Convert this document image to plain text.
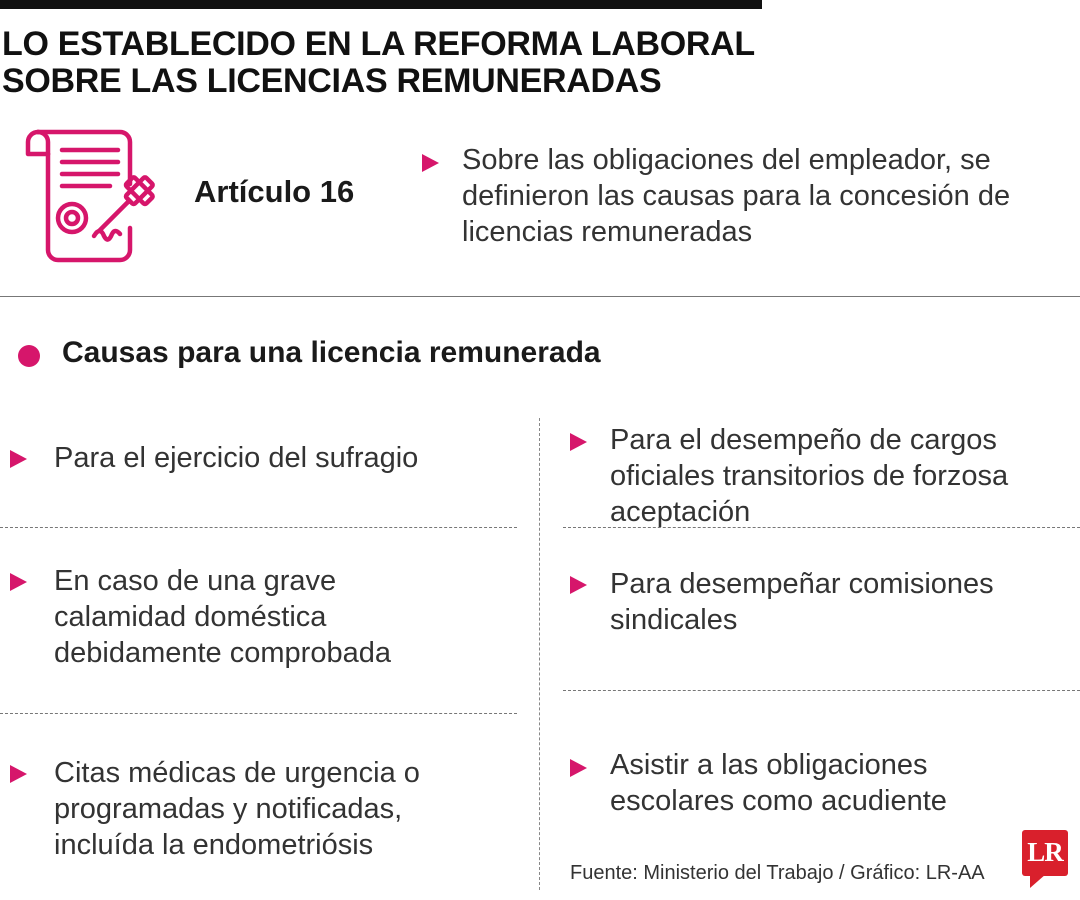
LO ESTABLECIDO EN LA REFORMA LABORAL
SOBRE LAS LICENCIAS REMUNERADAS
Artículo 16
Sobre las obligaciones del empleador, se
definieron las causas para la concesión de
licencias remuneradas
Causas para una licencia remunerada
Para el ejercicio del sufragio
En caso de una grave
calamidad doméstica
debidamente comprobada
Citas médicas de urgencia o
programadas y notificadas,
incluída la endometriósis
Para el desempeño de cargos
oficiales transitorios de forzosa
aceptación
Para desempeñar comisiones
sindicales
Asistir a las obligaciones
escolares como acudiente
Fuente: Ministerio del Trabajo / Gráfico: LR-AA
LR
